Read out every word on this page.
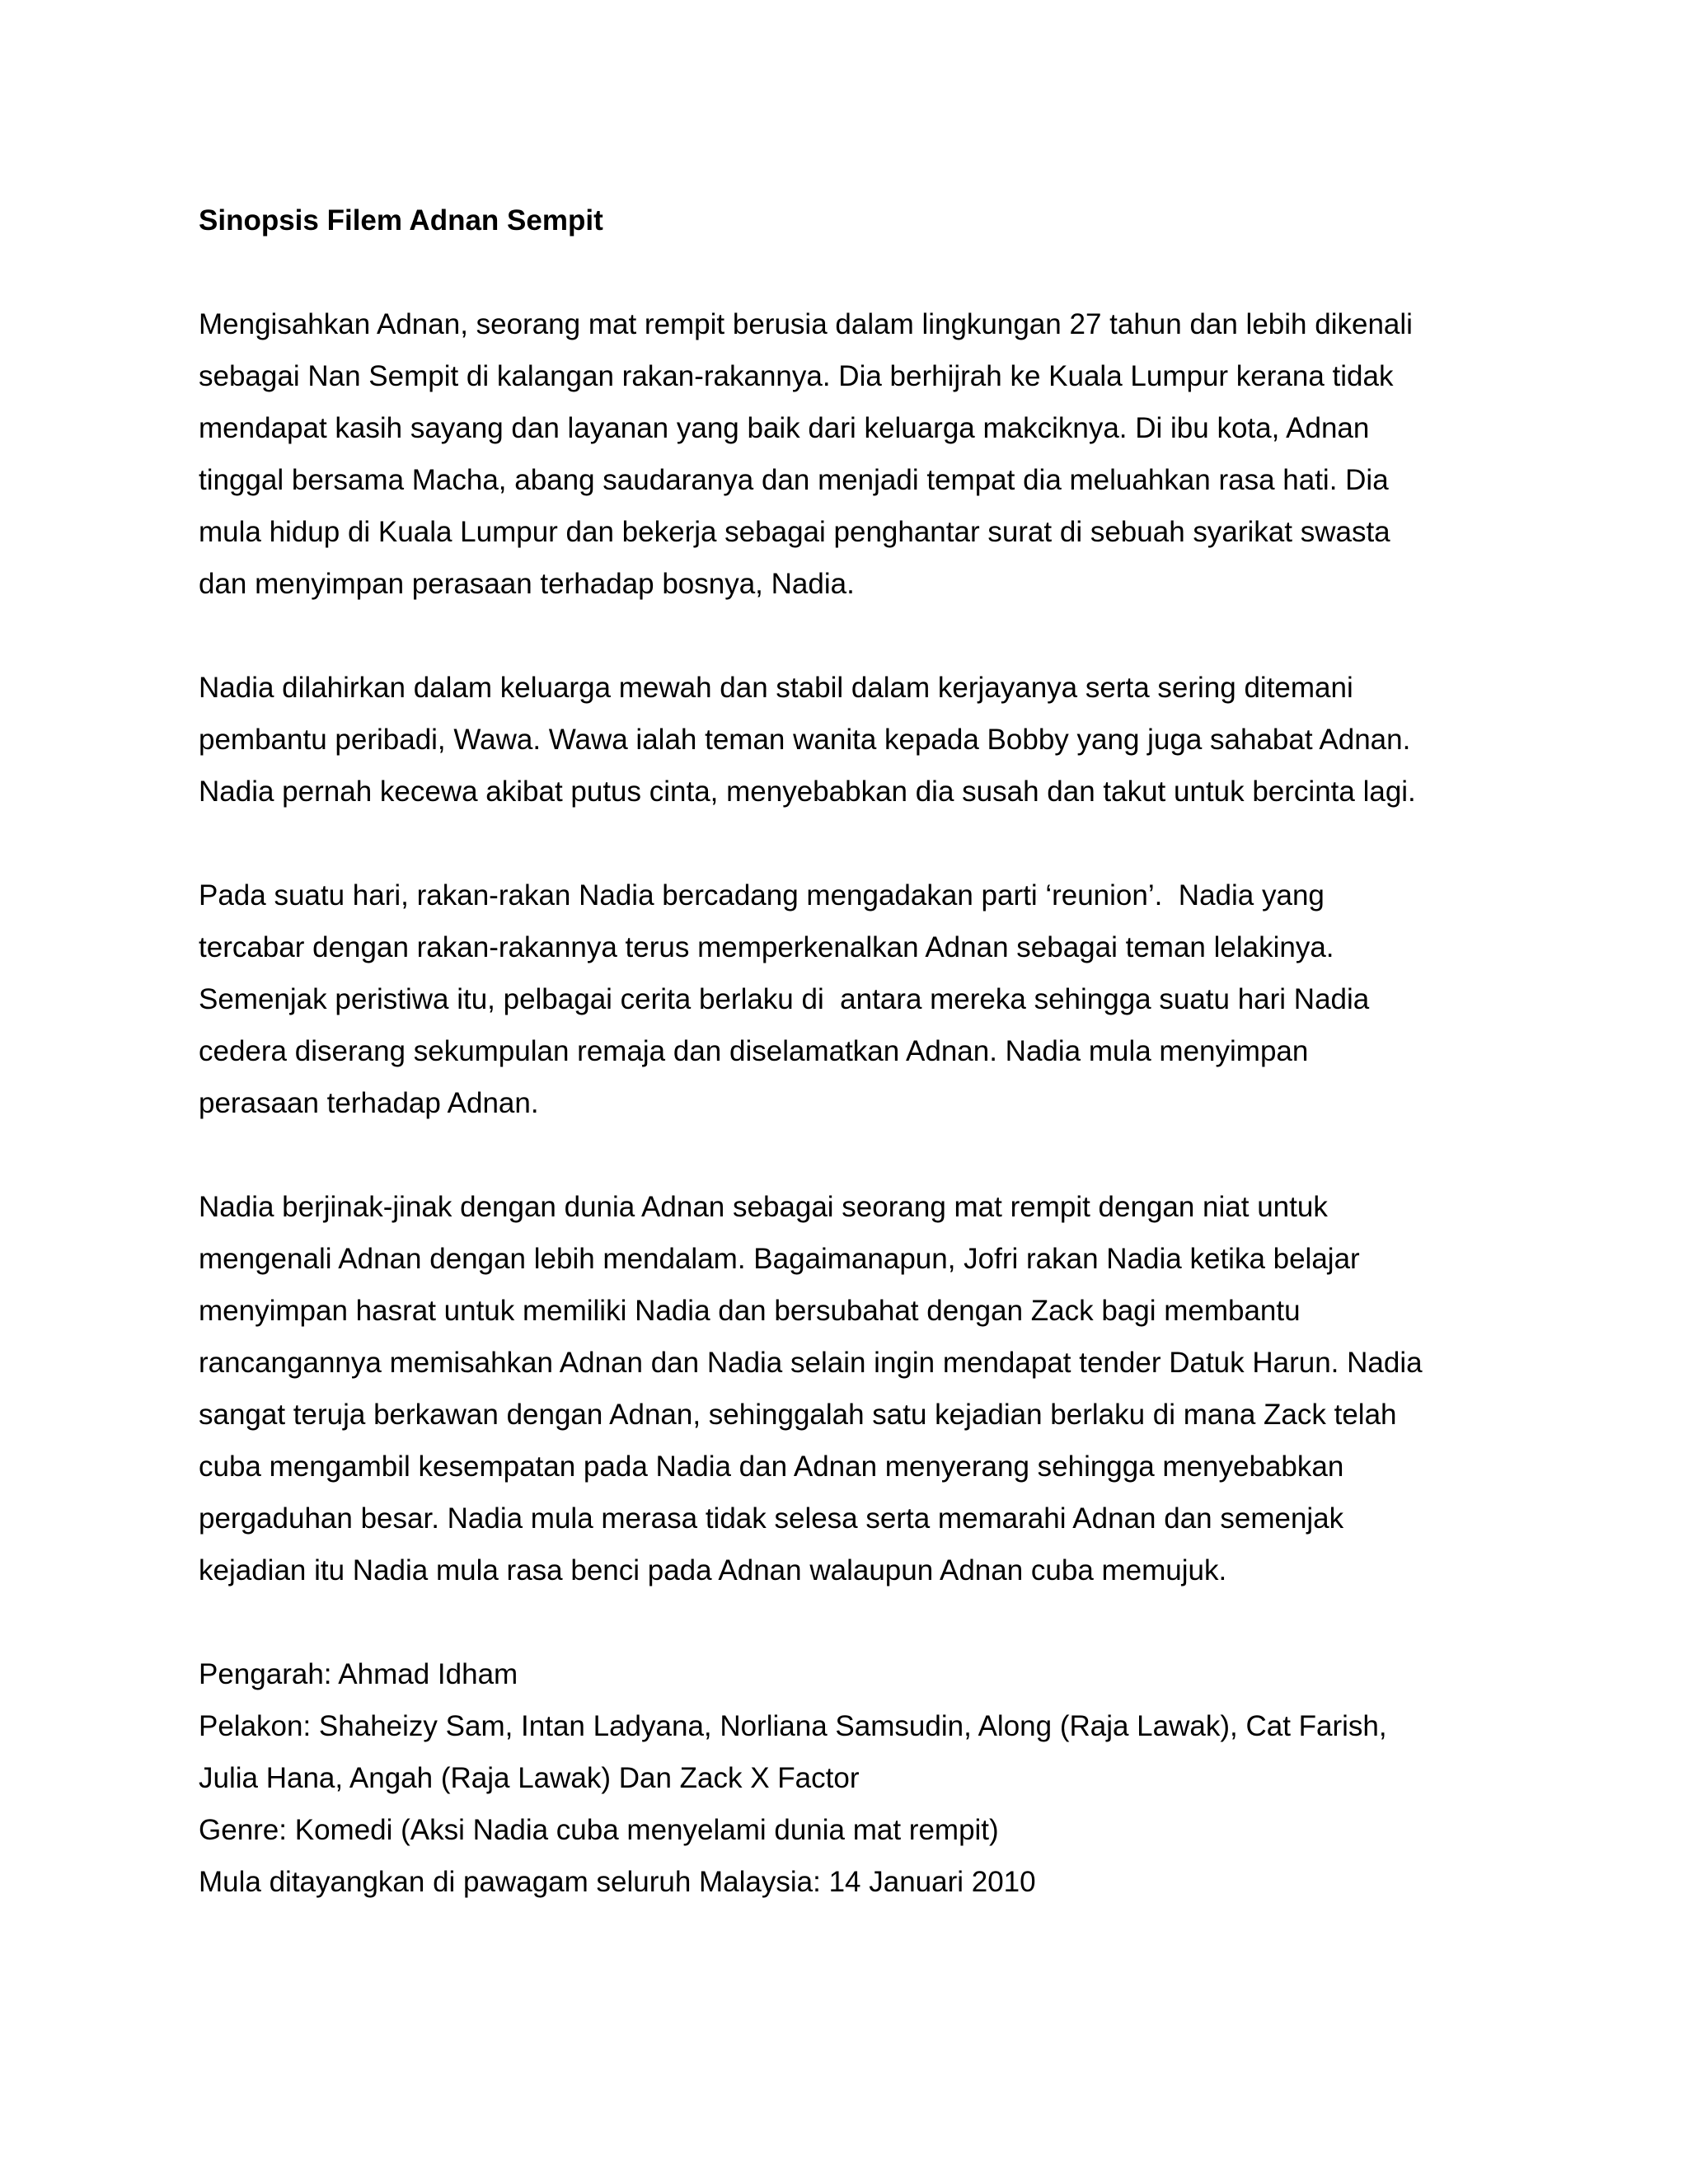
Sinopsis Filem Adnan Sempit
Mengisahkan Adnan, seorang mat rempit berusia dalam lingkungan 27 tahun dan lebih dikenali
sebagai Nan Sempit di kalangan rakan-rakannya. Dia berhijrah ke Kuala Lumpur kerana tidak
mendapat kasih sayang dan layanan yang baik dari keluarga makciknya. Di ibu kota, Adnan
tinggal bersama Macha, abang saudaranya dan menjadi tempat dia meluahkan rasa hati. Dia
mula hidup di Kuala Lumpur dan bekerja sebagai penghantar surat di sebuah syarikat swasta
dan menyimpan perasaan terhadap bosnya, Nadia.
Nadia dilahirkan dalam keluarga mewah dan stabil dalam kerjayanya serta sering ditemani
pembantu peribadi, Wawa. Wawa ialah teman wanita kepada Bobby yang juga sahabat Adnan.
Nadia pernah kecewa akibat putus cinta, menyebabkan dia susah dan takut untuk bercinta lagi.
Pada suatu hari, rakan-rakan Nadia bercadang mengadakan parti ‘reunion’.  Nadia yang
tercabar dengan rakan-rakannya terus memperkenalkan Adnan sebagai teman lelakinya.
Semenjak peristiwa itu, pelbagai cerita berlaku di  antara mereka sehingga suatu hari Nadia
cedera diserang sekumpulan remaja dan diselamatkan Adnan. Nadia mula menyimpan
perasaan terhadap Adnan.
Nadia berjinak-jinak dengan dunia Adnan sebagai seorang mat rempit dengan niat untuk
mengenali Adnan dengan lebih mendalam. Bagaimanapun, Jofri rakan Nadia ketika belajar
menyimpan hasrat untuk memiliki Nadia dan bersubahat dengan Zack bagi membantu
rancangannya memisahkan Adnan dan Nadia selain ingin mendapat tender Datuk Harun. Nadia
sangat teruja berkawan dengan Adnan, sehinggalah satu kejadian berlaku di mana Zack telah
cuba mengambil kesempatan pada Nadia dan Adnan menyerang sehingga menyebabkan
pergaduhan besar. Nadia mula merasa tidak selesa serta memarahi Adnan dan semenjak
kejadian itu Nadia mula rasa benci pada Adnan walaupun Adnan cuba memujuk.
Pengarah: Ahmad Idham
Pelakon: Shaheizy Sam, Intan Ladyana, Norliana Samsudin, Along (Raja Lawak), Cat Farish,
Julia Hana, Angah (Raja Lawak) Dan Zack X Factor
Genre: Komedi (Aksi Nadia cuba menyelami dunia mat rempit)
Mula ditayangkan di pawagam seluruh Malaysia: 14 Januari 2010
